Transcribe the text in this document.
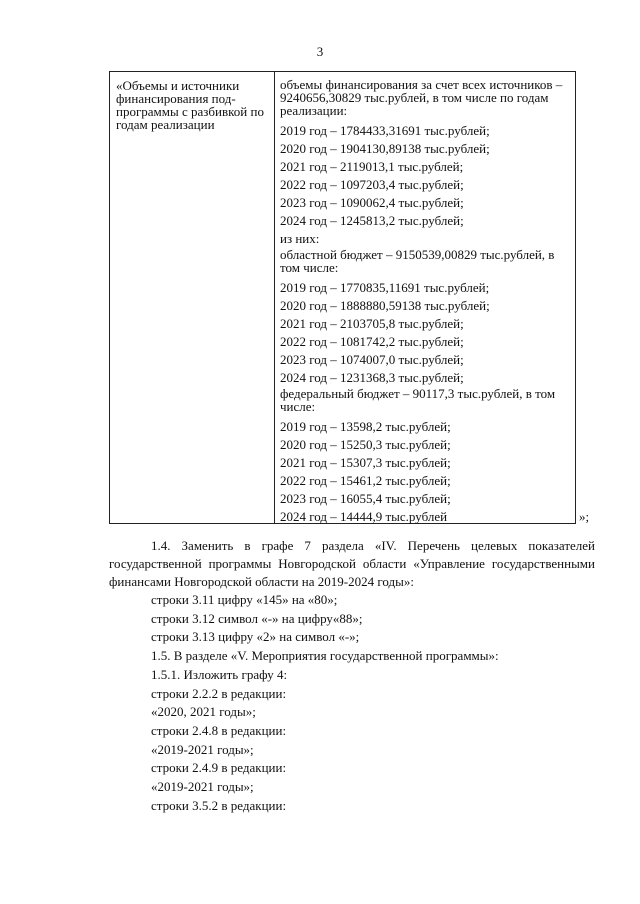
3
«Объемы и источники финансирования под-программы с разбивкой по годам реализации
объемы финансирования за счет всех источников – 9240656,30829 тыс.рублей, в том числе по годам реализации:
2019 год – 1784433,31691 тыс.рублей;
2020 год – 1904130,89138 тыс.рублей;
2021 год – 2119013,1 тыс.рублей;
2022 год – 1097203,4 тыс.рублей;
2023 год – 1090062,4 тыс.рублей;
2024 год – 1245813,2 тыс.рублей;
из них:
областной бюджет – 9150539,00829 тыс.рублей, в том числе:
2019 год – 1770835,11691 тыс.рублей;
2020 год – 1888880,59138 тыс.рублей;
2021 год – 2103705,8 тыс.рублей;
2022 год – 1081742,2 тыс.рублей;
2023 год – 1074007,0 тыс.рублей;
2024 год – 1231368,3 тыс.рублей;
федеральный бюджет – 90117,3 тыс.рублей, в том числе:
2019 год – 13598,2 тыс.рублей;
2020 год – 15250,3 тыс.рублей;
2021 год – 15307,3 тыс.рублей;
2022 год – 15461,2 тыс.рублей;
2023 год – 16055,4 тыс.рублей;
2024 год – 14444,9 тыс.рублей	»;

1.4. Заменить в графе 7 раздела «IV. Перечень целевых показателей государственной программы Новгородской области «Управление государственными финансами Новгородской области на 2019-2024 годы»:

строки 3.11 цифру «145» на «80»;
строки 3.12 символ «-» на цифру«88»;
строки 3.13 цифру «2» на символ «-»;
1.5. В разделе «V. Мероприятия государственной программы»:
1.5.1. Изложить графу 4:
строки 2.2.2 в редакции:
«2020, 2021 годы»;
строки 2.4.8 в редакции:
«2019-2021 годы»;
строки 2.4.9 в редакции:
«2019-2021 годы»;
строки 3.5.2 в редакции:
